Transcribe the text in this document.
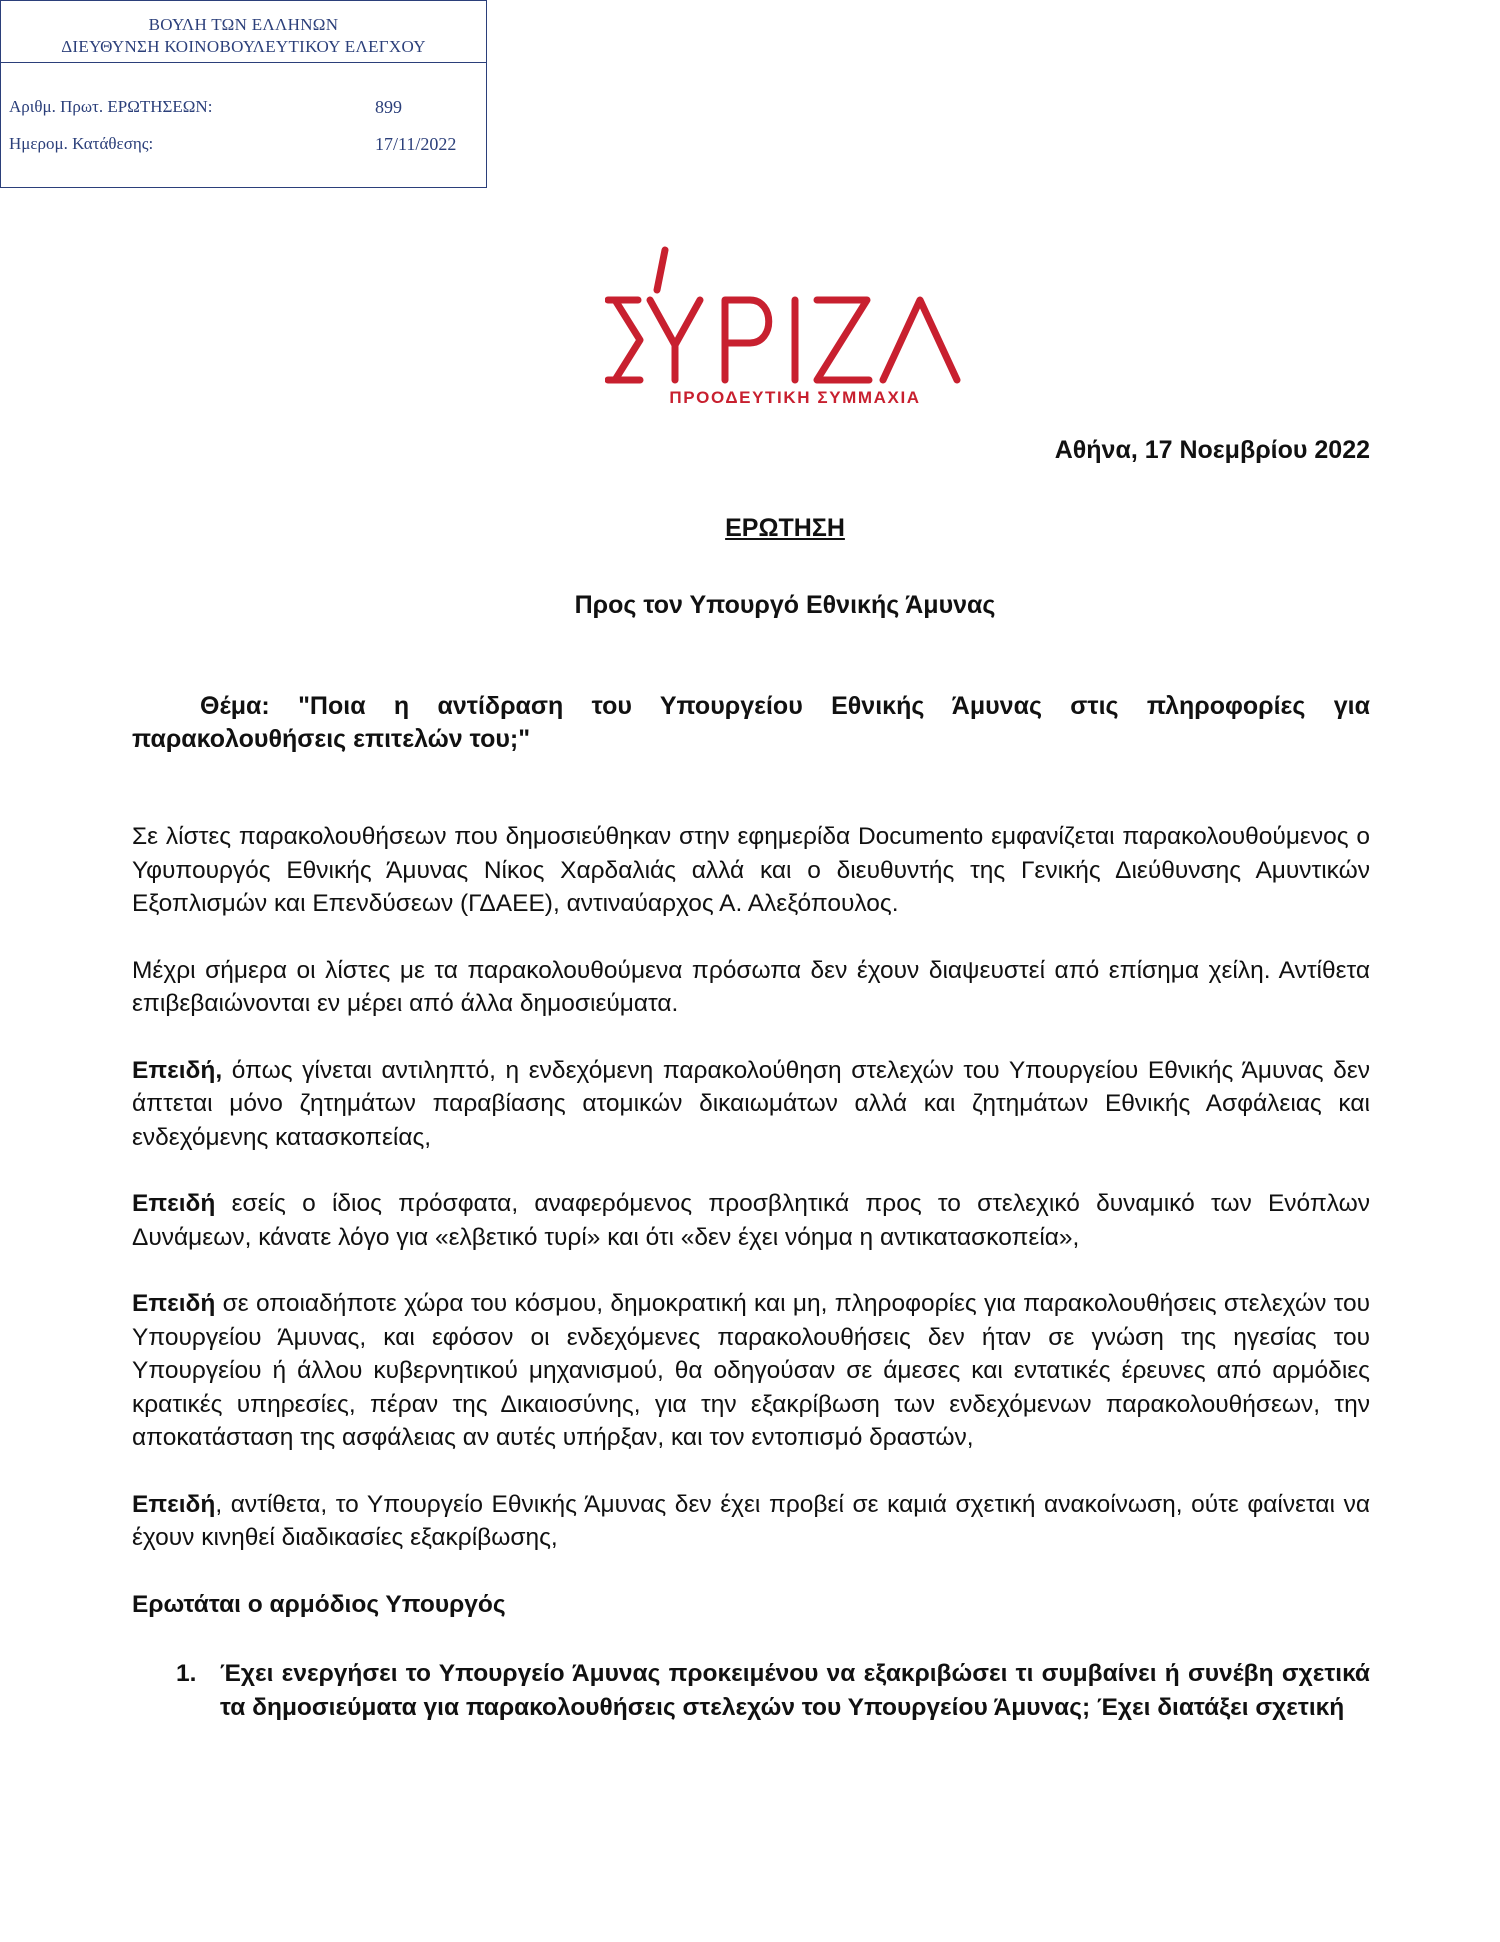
ΒΟΥΛΗ ΤΩΝ ΕΛΛΗΝΩΝ
ΔΙΕΥΘΥΝΣΗ ΚΟΙΝΟΒΟΥΛΕΥΤΙΚΟΥ ΕΛΕΓΧΟΥ
Αριθμ. Πρωτ. ΕΡΩΤΗΣΕΩΝ:	899
Ημερομ. Κατάθεσης:	17/11/2022
ΠΡΟΟΔΕΥΤΙΚΗ ΣΥΜΜΑΧΙΑ
Αθήνα, 17 Νοεμβρίου 2022
ΕΡΩΤΗΣΗ
Προς τον Υπουργό Εθνικής Άμυνας
Θέμα: "Ποια η αντίδραση του Υπουργείου Εθνικής Άμυνας στις πληροφορίες για παρακολουθήσεις επιτελών του;"

Σε λίστες παρακολουθήσεων που δημοσιεύθηκαν στην εφημερίδα Documento εμφανίζεται παρακολουθούμενος ο Υφυπουργός Εθνικής Άμυνας Νίκος Χαρδαλιάς αλλά και ο διευθυντής της Γενικής Διεύθυνσης Αμυντικών Εξοπλισμών και Επενδύσεων (ΓΔΑΕΕ), αντιναύαρχος Α. Αλεξόπουλος.

Μέχρι σήμερα οι λίστες με τα παρακολουθούμενα πρόσωπα δεν έχουν διαψευστεί από επίσημα χείλη. Αντίθετα επιβεβαιώνονται εν μέρει από άλλα δημοσιεύματα.

Επειδή, όπως γίνεται αντιληπτό, η ενδεχόμενη παρακολούθηση στελεχών του Υπουργείου Εθνικής Άμυνας δεν άπτεται μόνο ζητημάτων παραβίασης ατομικών δικαιωμάτων αλλά και ζητημάτων Εθνικής Ασφάλειας και ενδεχόμενης κατασκοπείας,

Επειδή εσείς ο ίδιος πρόσφατα, αναφερόμενος προσβλητικά προς το στελεχικό δυναμικό των Ενόπλων Δυνάμεων, κάνατε λόγο για «ελβετικό τυρί» και ότι «δεν έχει νόημα η αντικατασκοπεία»,

Επειδή σε οποιαδήποτε χώρα του κόσμου, δημοκρατική και μη, πληροφορίες για παρακολουθήσεις στελεχών του Υπουργείου Άμυνας, και εφόσον οι ενδεχόμενες παρακολουθήσεις δεν ήταν σε γνώση της ηγεσίας του Υπουργείου ή άλλου κυβερνητικού μηχανισμού, θα οδηγούσαν σε άμεσες και εντατικές έρευνες από αρμόδιες κρατικές υπηρεσίες, πέραν της Δικαιοσύνης, για την εξακρίβωση των ενδεχόμενων παρακολουθήσεων, την αποκατάσταση της ασφάλειας αν αυτές υπήρξαν, και τον εντοπισμό δραστών,

Επειδή, αντίθετα, το Υπουργείο Εθνικής Άμυνας δεν έχει προβεί σε καμιά σχετική ανακοίνωση, ούτε φαίνεται να έχουν κινηθεί διαδικασίες εξακρίβωσης,

Ερωτάται ο αρμόδιος Υπουργός
1. Έχει ενεργήσει το Υπουργείο Άμυνας προκειμένου να εξακριβώσει τι συμβαίνει ή συνέβη σχετικά τα δημοσιεύματα για παρακολουθήσεις στελεχών του Υπουργείου Άμυνας; Έχει διατάξει σχετική
